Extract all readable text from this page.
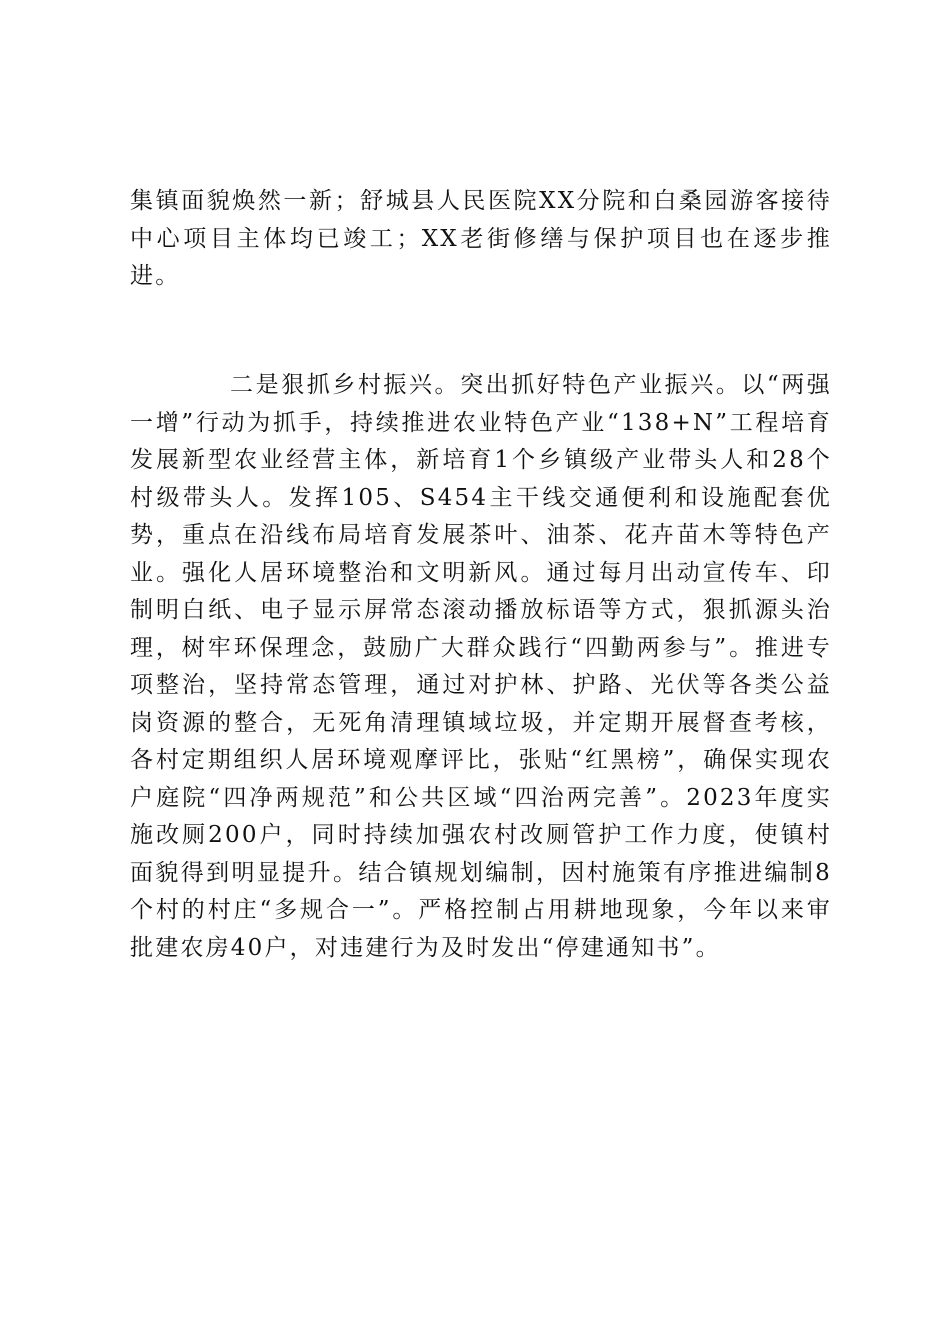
集镇面貌焕然一新；舒城县人民医院XX分院和白桑园游客接待中心项目主体均已竣工；XX老街修缮与保护项目也在逐步推进。

二是狠抓乡村振兴。突出抓好特色产业振兴。以“两强一增”行动为抓手，持续推进农业特色产业“138+N”工程培育发展新型农业经营主体，新培育1个乡镇级产业带头人和28个村级带头人。发挥105、S454主干线交通便利和设施配套优势，重点在沿线布局培育发展茶叶、油茶、花卉苗木等特色产业。强化人居环境整治和文明新风。通过每月出动宣传车、印制明白纸、电子显示屏常态滚动播放标语等方式，狠抓源头治理，树牢环保理念，鼓励广大群众践行“四勤两参与”。推进专项整治，坚持常态管理，通过对护林、护路、光伏等各类公益岗资源的整合，无死角清理镇域垃圾，并定期开展督查考核，各村定期组织人居环境观摩评比，张贴“红黑榜”，确保实现农户庭院“四净两规范”和公共区域“四治两完善”。2023年度实施改厕200户，同时持续加强农村改厕管护工作力度，使镇村面貌得到明显提升。结合镇规划编制，因村施策有序推进编制8个村的村庄“多规合一”。严格控制占用耕地现象，今年以来审批建农房40户，对违建行为及时发出“停建通知书”。
